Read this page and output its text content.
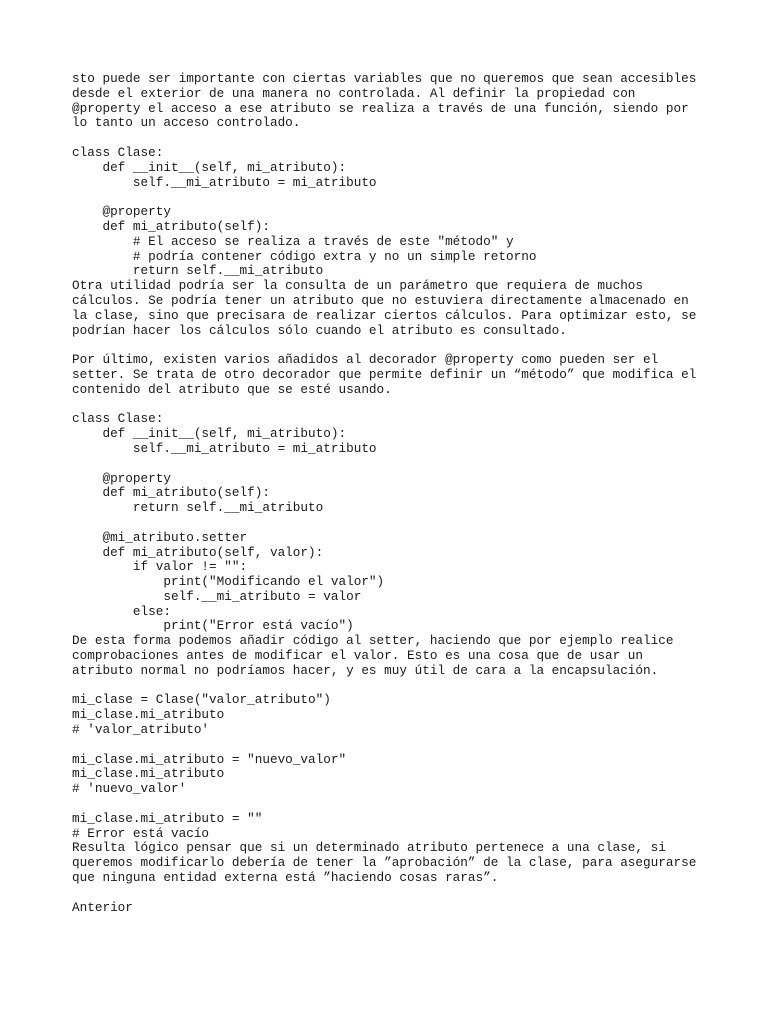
sto puede ser importante con ciertas variables que no queremos que sean accesibles
desde el exterior de una manera no controlada. Al definir la propiedad con
@property el acceso a ese atributo se realiza a través de una función, siendo por
lo tanto un acceso controlado.
class Clase:
def __init__(self, mi_atributo):
self.__mi_atributo = mi_atributo
@property
def mi_atributo(self):
# El acceso se realiza a través de este "método" y
# podría contener código extra y no un simple retorno
return self.__mi_atributo
Otra utilidad podría ser la consulta de un parámetro que requiera de muchos
cálculos. Se podría tener un atributo que no estuviera directamente almacenado en
la clase, sino que precisara de realizar ciertos cálculos. Para optimizar esto, se
podrían hacer los cálculos sólo cuando el atributo es consultado.
Por último, existen varios añadidos al decorador @property como pueden ser el
setter. Se trata de otro decorador que permite definir un “método” que modifica el
contenido del atributo que se esté usando.
class Clase:
def __init__(self, mi_atributo):
self.__mi_atributo = mi_atributo
@property
def mi_atributo(self):
return self.__mi_atributo
@mi_atributo.setter
def mi_atributo(self, valor):
if valor != "":
print("Modificando el valor")
self.__mi_atributo = valor
else:
print("Error está vacío")
De esta forma podemos añadir código al setter, haciendo que por ejemplo realice
comprobaciones antes de modificar el valor. Esto es una cosa que de usar un
atributo normal no podríamos hacer, y es muy útil de cara a la encapsulación.
mi_clase = Clase("valor_atributo")
mi_clase.mi_atributo
# 'valor_atributo'
mi_clase.mi_atributo = "nuevo_valor"
mi_clase.mi_atributo
# 'nuevo_valor'
mi_clase.mi_atributo = ""
# Error está vacío
Resulta lógico pensar que si un determinado atributo pertenece a una clase, si
queremos modificarlo debería de tener la ”aprobación” de la clase, para asegurarse
que ninguna entidad externa está ”haciendo cosas raras”.
Anterior
